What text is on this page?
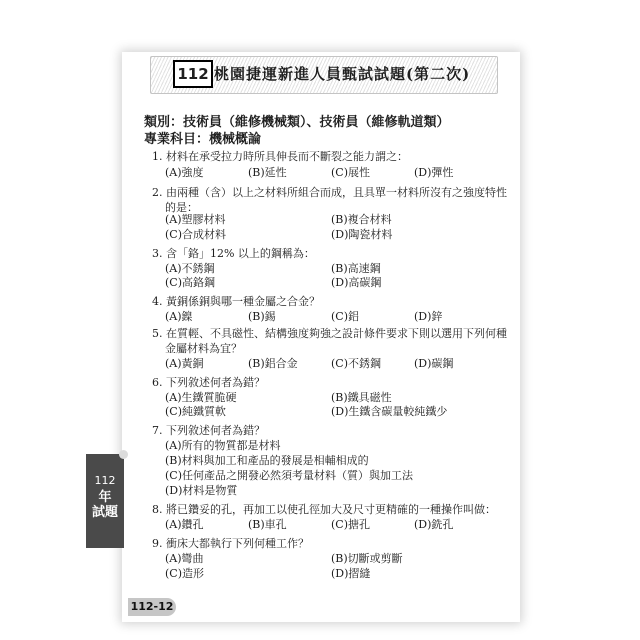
112 桃園捷運新進人員甄試試題(第二次)
類別：技術員（維修機械類）、技術員（維修軌道類）
專業科目：機械概論
1. 材料在承受拉力時所具伸長而不斷裂之能力謂之：
(A)強度	(B)延性	(C)展性	(D)彈性
2. 由兩種（含）以上之材料所組合而成，且具單一材料所沒有之強度特性
的是：
(A)塑膠材料	(B)複合材料
(C)合成材料	(D)陶瓷材料
3. 含「鉻」12% 以上的鋼稱為：
(A)不銹鋼	(B)高速鋼
(C)高鉻鋼	(D)高碳鋼
4. 黃銅係銅與哪一種金屬之合金？
(A)鎳	(B)錫	(C)鋁	(D)鋅
5. 在質輕、不具磁性、結構強度夠強之設計條件要求下則以選用下列何種
金屬材料為宜？
(A)黃銅	(B)鋁合金	(C)不銹鋼	(D)碳鋼
6. 下列敘述何者為錯？
(A)生鐵質脆硬	(B)鐵具磁性
(C)純鐵質軟	(D)生鐵含碳量較純鐵少
7. 下列敘述何者為錯？
(A)所有的物質都是材料
(B)材料與加工和產品的發展是相輔相成的
(C)任何產品之開發必然須考量材料（質）與加工法
(D)材料是物質
8. 將已鑽妥的孔，再加工以使孔徑加大及尺寸更精確的一種操作叫做：
(A)鑽孔	(B)車孔	(C)搪孔	(D)銑孔
9. 衝床大都執行下列何種工作？
(A)彎曲	(B)切斷或剪斷
(C)造形	(D)摺縫
112
年
試題
112-12
